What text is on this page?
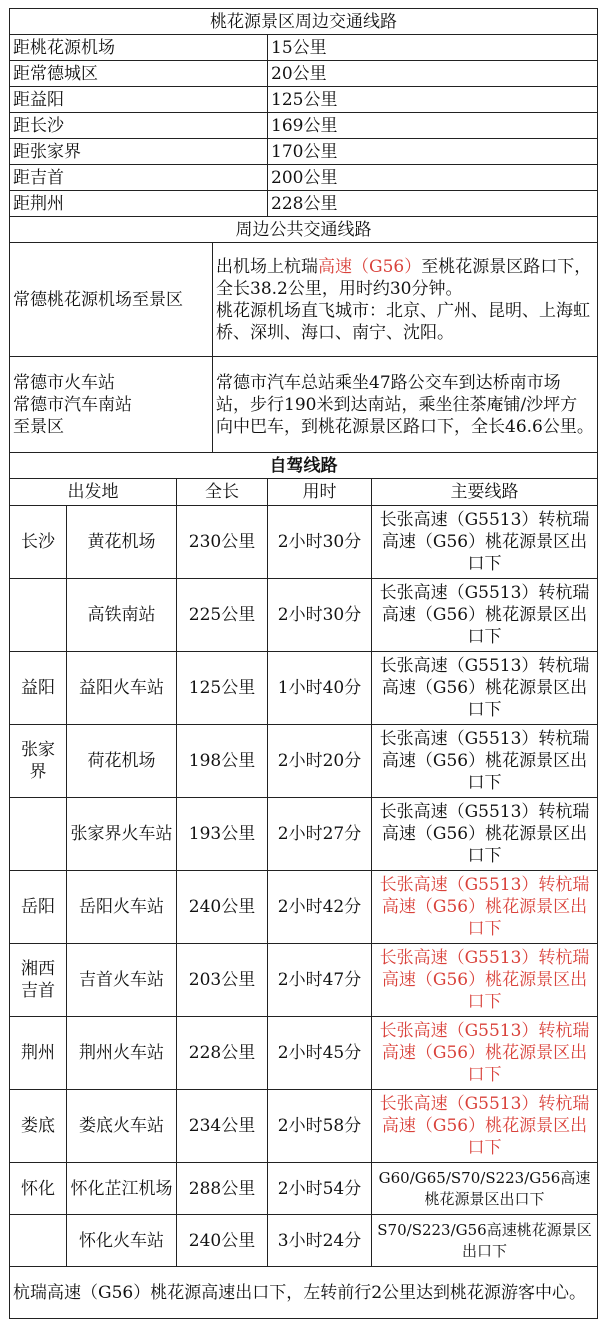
桃花源景区周边交通线路					
距桃花源机场				15公里	
距常德城区				20公里	
距益阳				125公里	
距长沙				169公里	
距张家界				170公里	
距吉首				200公里	
距荆州				228公里	
周边公共交通线路					
常德桃花源机场至景区			出机场上杭瑞高速（G56）至桃花源景区路口下，全长38.2公里，用时约30分钟。
桃花源机场直飞城市：北京、广州、昆明、上海虹桥、深圳、海口、南宁、沈阳。		
常德市火车站
常德市汽车南站
至景区			常德市汽车总站乘坐47路公交车到达桥南市场站，步行190米到达南站，乘坐往茶庵铺/沙坪方向中巴车，到桃花源景区路口下，全长46.6公里。		
自驾线路					
出发地		全长		用时	主要线路
长沙	黄花机场	230公里		2小时30分	长张高速（G5513）转杭瑞高速（G56）桃花源景区出口下
	高铁南站	225公里		2小时30分	长张高速（G5513）转杭瑞高速（G56）桃花源景区出口下
益阳	益阳火车站	125公里		1小时40分	长张高速（G5513）转杭瑞高速（G56）桃花源景区出口下
张家界	荷花机场	198公里		2小时20分	长张高速（G5513）转杭瑞高速（G56）桃花源景区出口下
	张家界火车站	193公里		2小时27分	长张高速（G5513）转杭瑞高速（G56）桃花源景区出口下
岳阳	岳阳火车站	240公里		2小时42分	长张高速（G5513）转杭瑞高速（G56）桃花源景区出口下
湘西吉首	吉首火车站	203公里		2小时47分	长张高速（G5513）转杭瑞高速（G56）桃花源景区出口下
荆州	荆州火车站	228公里		2小时45分	长张高速（G5513）转杭瑞高速（G56）桃花源景区出口下
娄底	娄底火车站	234公里		2小时58分	长张高速（G5513）转杭瑞高速（G56）桃花源景区出口下
怀化	怀化芷江机场	288公里		2小时54分	G60/G65/S70/S223/G56高速桃花源景区出口下
	怀化火车站	240公里		3小时24分	S70/S223/G56高速桃花源景区出口下
杭瑞高速（G56）桃花源高速出口下，左转前行2公里达到桃花源游客中心。					
